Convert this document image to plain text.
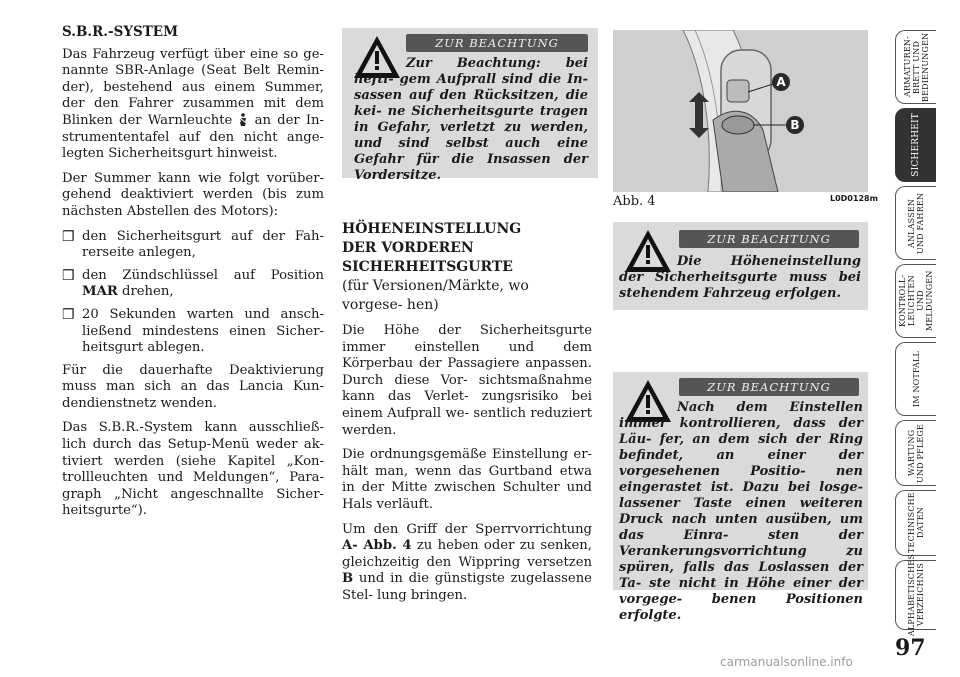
S.B.R.-SYSTEM

Das Fahrzeug verfügt über eine so ge- nannte SBR-Anlage (Seat Belt Remin- der), bestehend aus einem Summer, der den Fahrer zusammen mit dem Blinken der Warnleuchte an der In- strumententafel auf den nicht ange- legten Sicherheitsgurt hinweist.

Der Summer kann wie folgt vorüber- gehend deaktiviert werden (bis zum nächsten Abstellen des Motors):

❒ den Sicherheitsgurt auf der Fah- rerseite anlegen,
❒ den Zündschlüssel auf Position MAR drehen,
❒ 20 Sekunden warten und ansch- ließend mindestens einen Sicher- heitsgurt ablegen.

Für die dauerhafte Deaktivierung muss man sich an das Lancia Kun- dendienstnetz wenden.

Das S.B.R.-System kann ausschließ- lich durch das Setup-Menü weder ak- tiviert werden (siehe Kapitel „Kon- trollleuchten und Meldungen“, Para- graph „Nicht angeschnallte Sicher- heitsgurte“).

ZUR BEACHTUNG
Zur Beachtung: bei hefti- gem Aufprall sind die In- sassen auf den Rücksitzen, die kei- ne Sicherheitsgurte tragen in Gefahr, verletzt zu werden, und sind selbst auch eine Gefahr für die Insassen der Vordersitze.
HÖHENEINSTELLUNG
DER VORDEREN
SICHERHEITSGURTE

(für Versionen/Märkte, wo vorgese- hen)

Die Höhe der Sicherheitsgurte immer einstellen und dem Körperbau der Passagiere anpassen. Durch diese Vor- sichtsmaßnahme kann das Verlet- zungsrisiko bei einem Aufprall we- sentlich reduziert werden.

Die ordnungsgemäße Einstellung er- hält man, wenn das Gurtband etwa in der Mitte zwischen Schulter und Hals verläuft.

Um den Griff der Sperrvorrichtung A- Abb. 4 zu heben oder zu senken, gleichzeitig den Wippring versetzen B und in die günstigste zugelassene Stel- lung bringen.

A
B
Abb. 4	L0D0128m
ZUR BEACHTUNG
Die Höheneinstellung der Sicherheitsgurte muss bei stehendem Fahrzeug erfolgen.
ZUR BEACHTUNG
Nach dem Einstellen immer kontrollieren, dass der Läu- fer, an dem sich der Ring befindet, an einer der vorgesehenen Positio- nen eingerastet ist. Dazu bei losge- lassener Taste einen weiteren Druck nach unten ausüben, um das Einra- sten der Verankerungsvorrichtung zu spüren, falls das Loslassen der Ta- ste nicht in Höhe einer der vorgege- benen Positionen erfolgte.
ARMATUREN- BRETT UND BEDIENUNGEN
SICHERHEIT
ANLASSEN UND FAHREN
KONTROLL- LEUCHTEN UND MELDUNGEN
IM NOTFALL
WARTUNG UND PFLEGE
TECHNISCHE DATEN
ALPHABETISCHES VERZEICHNIS
97
carmanualsonline.info
